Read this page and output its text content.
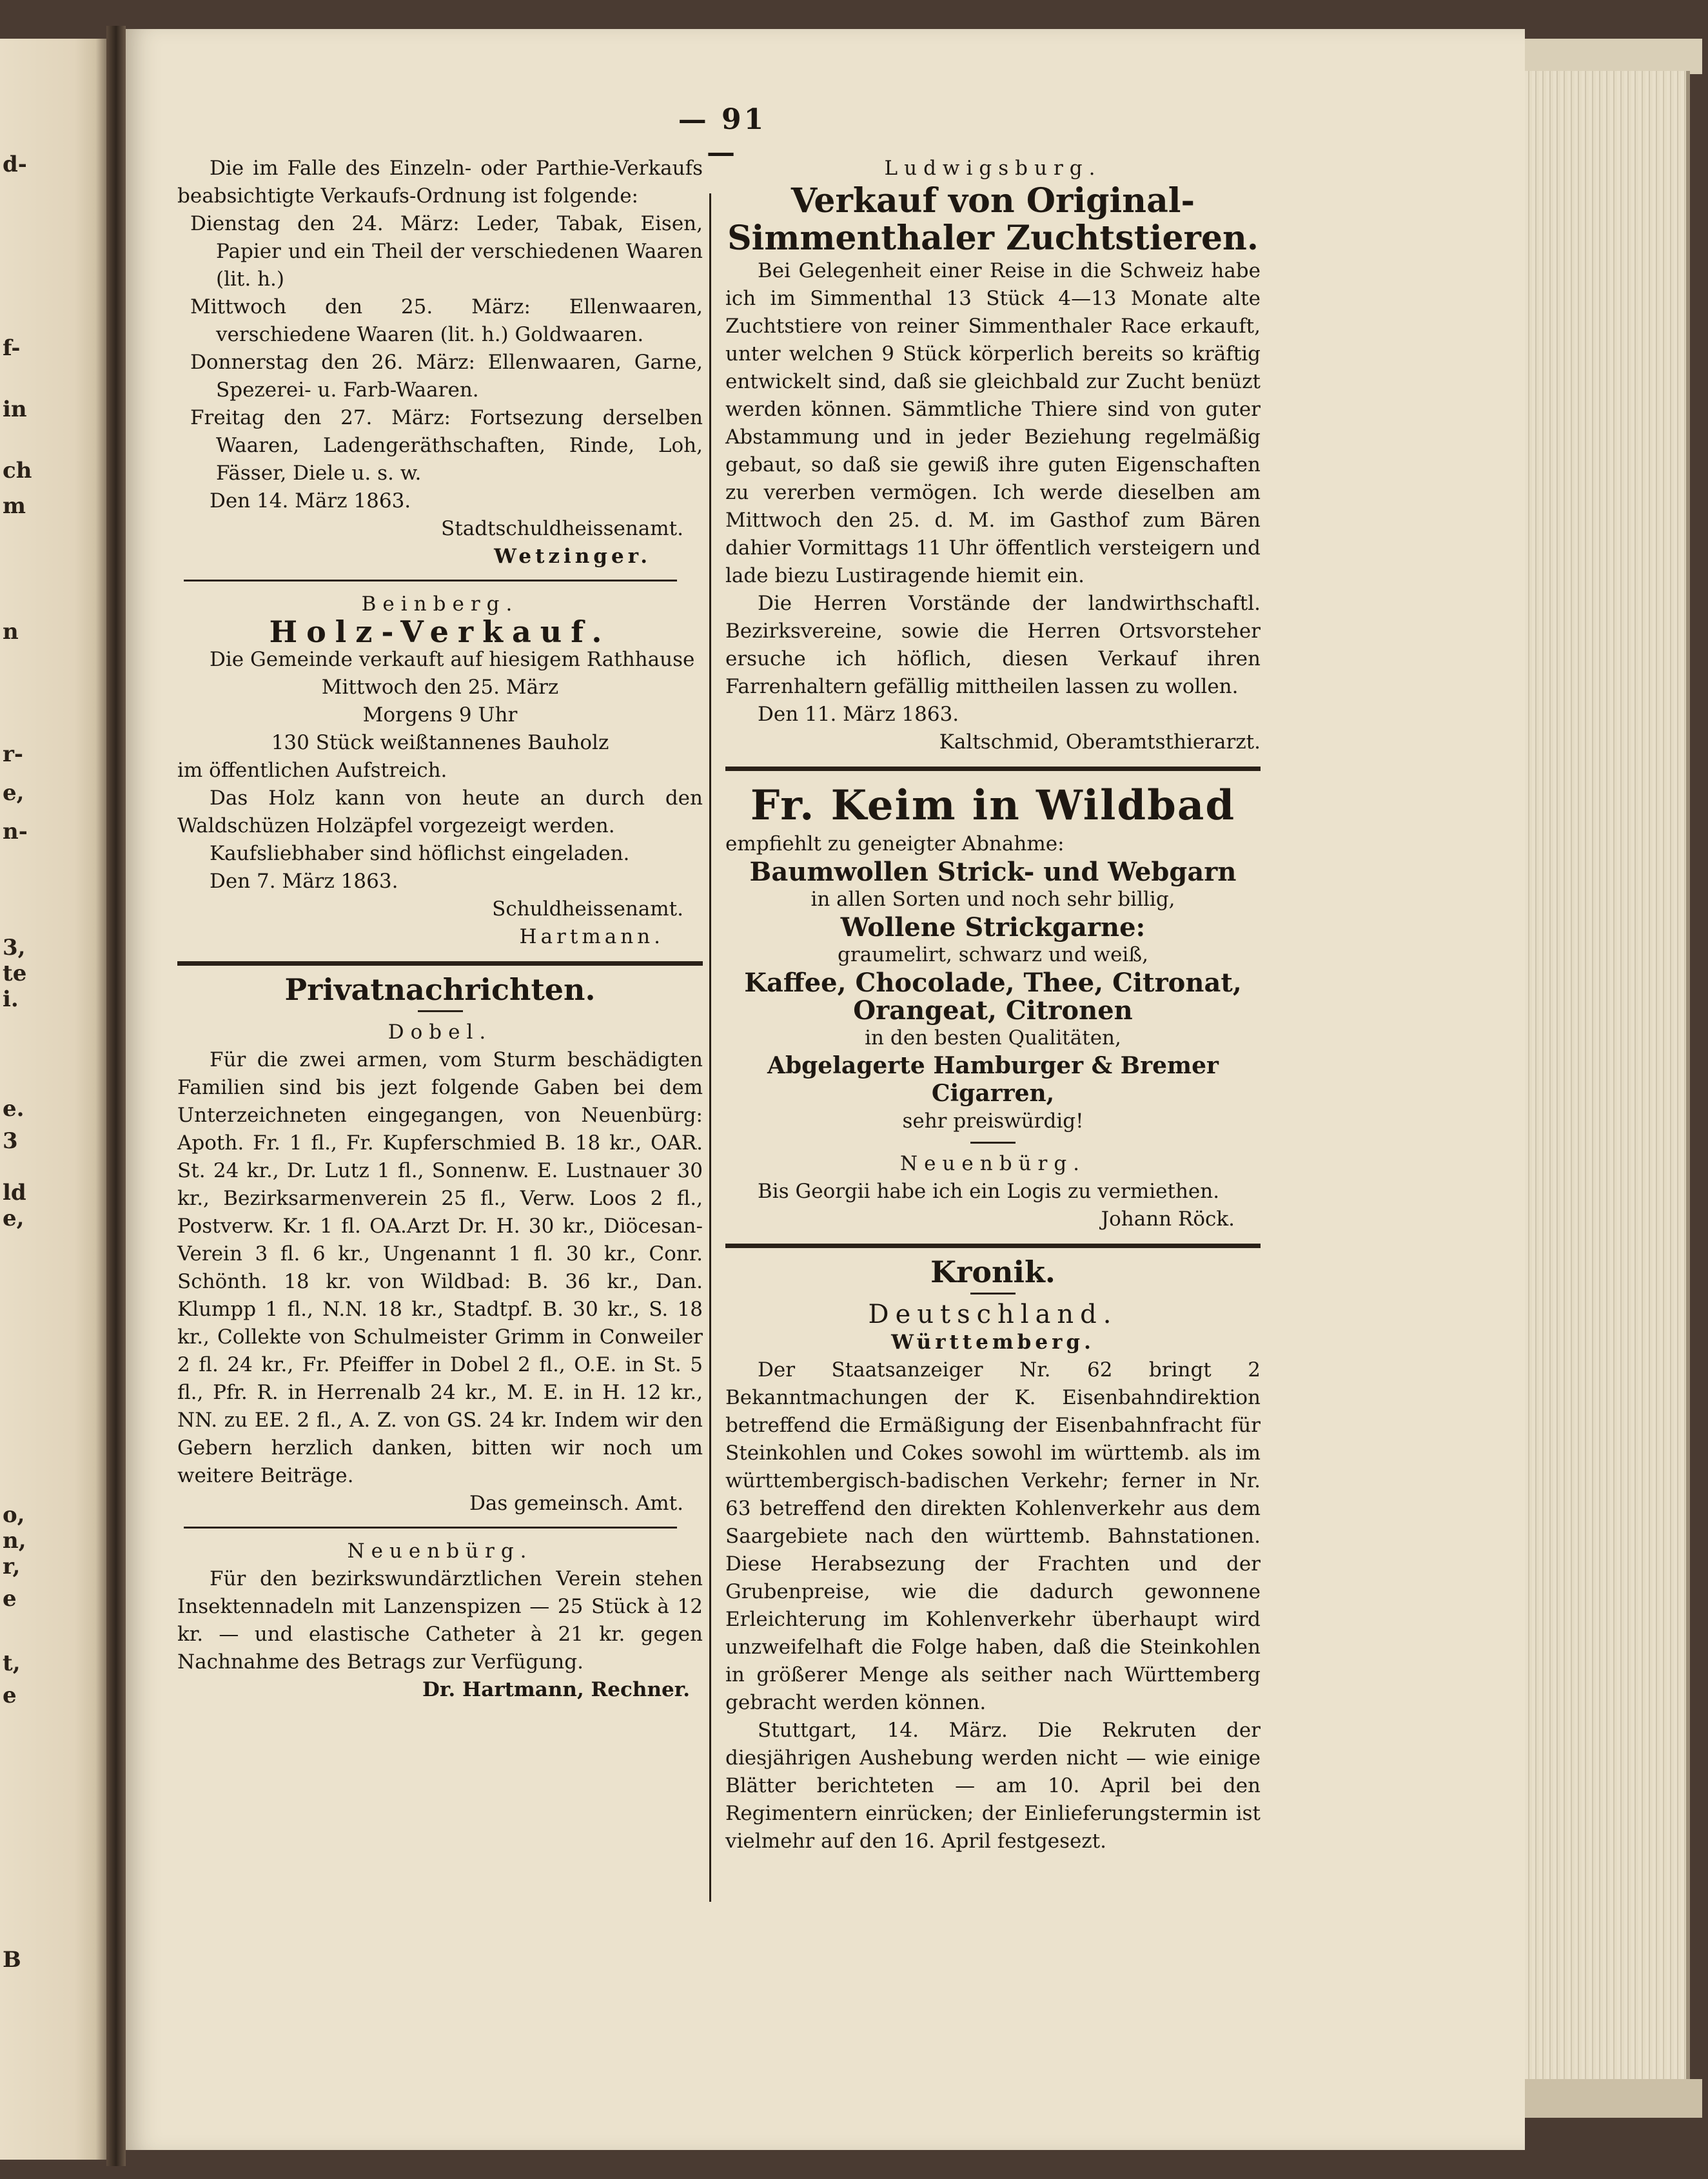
d-
f-
in
ch
m
n
r-
e,
n-
3,
te
i.
e.
3
ld
e,
o,
n,
r,
e
t,
e
B
— 91 —

Die im Falle des Einzeln- oder Parthie-Verkaufs beabsichtigte Verkaufs-Ordnung ist folgende:

Dienstag den 24. März: Leder, Tabak, Eisen, Papier und ein Theil der verschiedenen Waaren (lit. h.)

Mittwoch den 25. März: Ellenwaaren, verschiedene Waaren (lit. h.) Goldwaaren.

Donnerstag den 26. März: Ellenwaaren, Garne, Spezerei- u. Farb-Waaren.

Freitag den 27. März: Fortsezung derselben Waaren, Ladengeräthschaften, Rinde, Loh, Fässer, Diele u. s. w.

Den 14. März 1863.

Stadtschuldheissenamt.

Wetzinger.

Beinberg.

Holz-Verkauf.

Die Gemeinde verkauft auf hiesigem Rathhause

Mittwoch den 25. März

Morgens 9 Uhr

130 Stück weißtannenes Bauholz

im öffentlichen Aufstreich.

Das Holz kann von heute an durch den Waldschüzen Holzäpfel vorgezeigt werden.

Kaufsliebhaber sind höflichst eingeladen.

Den 7. März 1863.

Schuldheissenamt.

Hartmann.

Privatnachrichten.

Dobel.

Für die zwei armen, vom Sturm beschädigten Familien sind bis jezt folgende Gaben bei dem Unterzeichneten eingegangen, von Neuenbürg: Apoth. Fr. 1 fl., Fr. Kupferschmied B. 18 kr., OAR. St. 24 kr., Dr. Lutz 1 fl., Sonnenw. E. Lustnauer 30 kr., Bezirksarmenverein 25 fl., Verw. Loos 2 fl., Postverw. Kr. 1 fl. OA.Arzt Dr. H. 30 kr., Diöcesan-Verein 3 fl. 6 kr., Ungenannt 1 fl. 30 kr., Conr. Schönth. 18 kr. von Wildbad: B. 36 kr., Dan. Klumpp 1 fl., N.N. 18 kr., Stadtpf. B. 30 kr., S. 18 kr., Collekte von Schulmeister Grimm in Conweiler 2 fl. 24 kr., Fr. Pfeiffer in Dobel 2 fl., O.E. in St. 5 fl., Pfr. R. in Herrenalb 24 kr., M. E. in H. 12 kr., NN. zu EE. 2 fl., A. Z. von GS. 24 kr. Indem wir den Gebern herzlich danken, bitten wir noch um weitere Beiträge.

Das gemeinsch. Amt.

Neuenbürg.

Für den bezirkswundärztlichen Verein stehen Insektennadeln mit Lanzenspizen — 25 Stück à 12 kr. — und elastische Catheter à 21 kr. gegen Nachnahme des Betrags zur Verfügung.

Dr. Hartmann, Rechner.

Ludwigsburg.

Verkauf von Original-Simmenthaler Zuchtstieren.

Bei Gelegenheit einer Reise in die Schweiz habe ich im Simmenthal 13 Stück 4—13 Monate alte Zuchtstiere von reiner Simmenthaler Race erkauft, unter welchen 9 Stück körperlich bereits so kräftig entwickelt sind, daß sie gleichbald zur Zucht benüzt werden können. Sämmtliche Thiere sind von guter Abstammung und in jeder Beziehung regelmäßig gebaut, so daß sie gewiß ihre guten Eigenschaften zu vererben vermögen. Ich werde dieselben am Mittwoch den 25. d. M. im Gasthof zum Bären dahier Vormittags 11 Uhr öffentlich versteigern und lade biezu Lustiragende hiemit ein.

Die Herren Vorstände der landwirthschaftl. Bezirksvereine, sowie die Herren Ortsvorsteher ersuche ich höflich, diesen Verkauf ihren Farrenhaltern gefällig mittheilen lassen zu wollen.

Den 11. März 1863.

Kaltschmid, Oberamtsthierarzt.

Fr. Keim in Wildbad

empfiehlt zu geneigter Abnahme:

Baumwollen Strick- und Webgarn

in allen Sorten und noch sehr billig,

Wollene Strickgarne:

graumelirt, schwarz und weiß,

Kaffee, Chocolade, Thee, Citronat,

Orangeat, Citronen

in den besten Qualitäten,

Abgelagerte Hamburger & Bremer Cigarren,

sehr preiswürdig!

Neuenbürg.

Bis Georgii habe ich ein Logis zu vermiethen.

Johann Röck.

Kronik.

Deutschland.

Württemberg.

Der Staatsanzeiger Nr. 62 bringt 2 Bekanntmachungen der K. Eisenbahndirektion betreffend die Ermäßigung der Eisenbahnfracht für Steinkohlen und Cokes sowohl im württemb. als im württembergisch-badischen Verkehr; ferner in Nr. 63 betreffend den direkten Kohlenverkehr aus dem Saargebiete nach den württemb. Bahnstationen. Diese Herabsezung der Frachten und der Grubenpreise, wie die dadurch gewonnene Erleichterung im Kohlenverkehr überhaupt wird unzweifelhaft die Folge haben, daß die Steinkohlen in größerer Menge als seither nach Württemberg gebracht werden können.

Stuttgart, 14. März. Die Rekruten der diesjährigen Aushebung werden nicht — wie einige Blätter berichteten — am 10. April bei den Regimentern einrücken; der Einlieferungstermin ist vielmehr auf den 16. April festgesezt.
